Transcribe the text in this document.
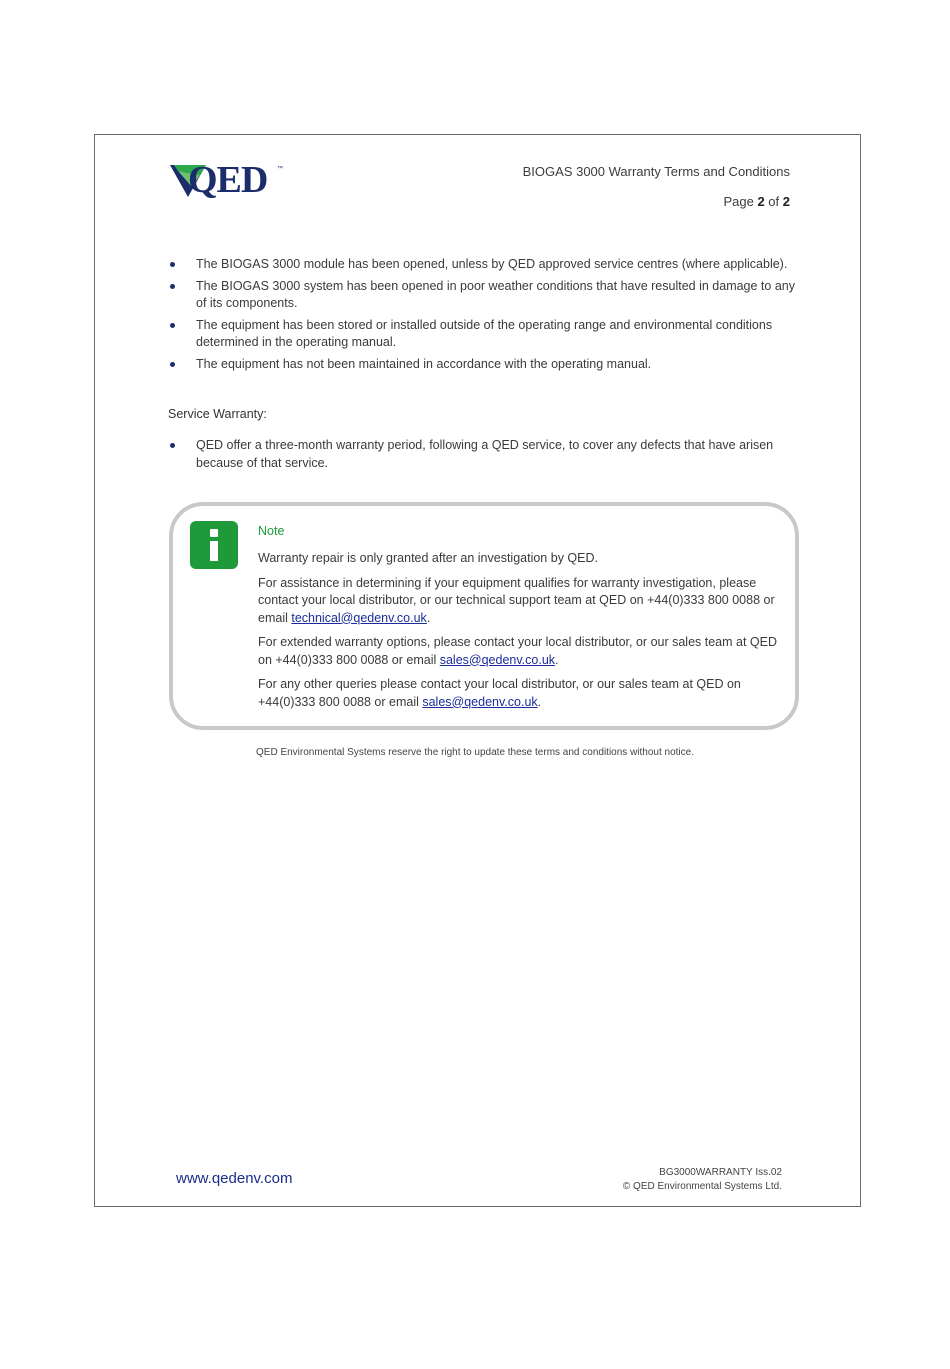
QED ™	BIOGAS 3000 Warranty Terms and Conditions
Page 2 of 2
The BIOGAS 3000 module has been opened, unless by QED approved service centres (where applicable).
The BIOGAS 3000 system has been opened in poor weather conditions that have resulted in damage to any of its components.
The equipment has been stored or installed outside of the operating range and environmental conditions determined in the operating manual.
The equipment has not been maintained in accordance with the operating manual.
Service Warranty:
QED offer a three-month warranty period, following a QED service, to cover any defects that have arisen because of that service.
Note

Warranty repair is only granted after an investigation by QED.

For assistance in determining if your equipment qualifies for warranty investigation, please contact your local distributor, or our technical support team at QED on +44(0)333 800 0088 or email technical@qedenv.co.uk.

For extended warranty options, please contact your local distributor, or our sales team at QED on +44(0)333 800 0088 or email sales@qedenv.co.uk.

For any other queries please contact your local distributor, or our sales team at QED on +44(0)333 800 0088 or email sales@qedenv.co.uk.

QED Environmental Systems reserve the right to update these terms and conditions without notice.
www.qedenv.com	BG3000WARRANTY Iss.02
© QED Environmental Systems Ltd.
